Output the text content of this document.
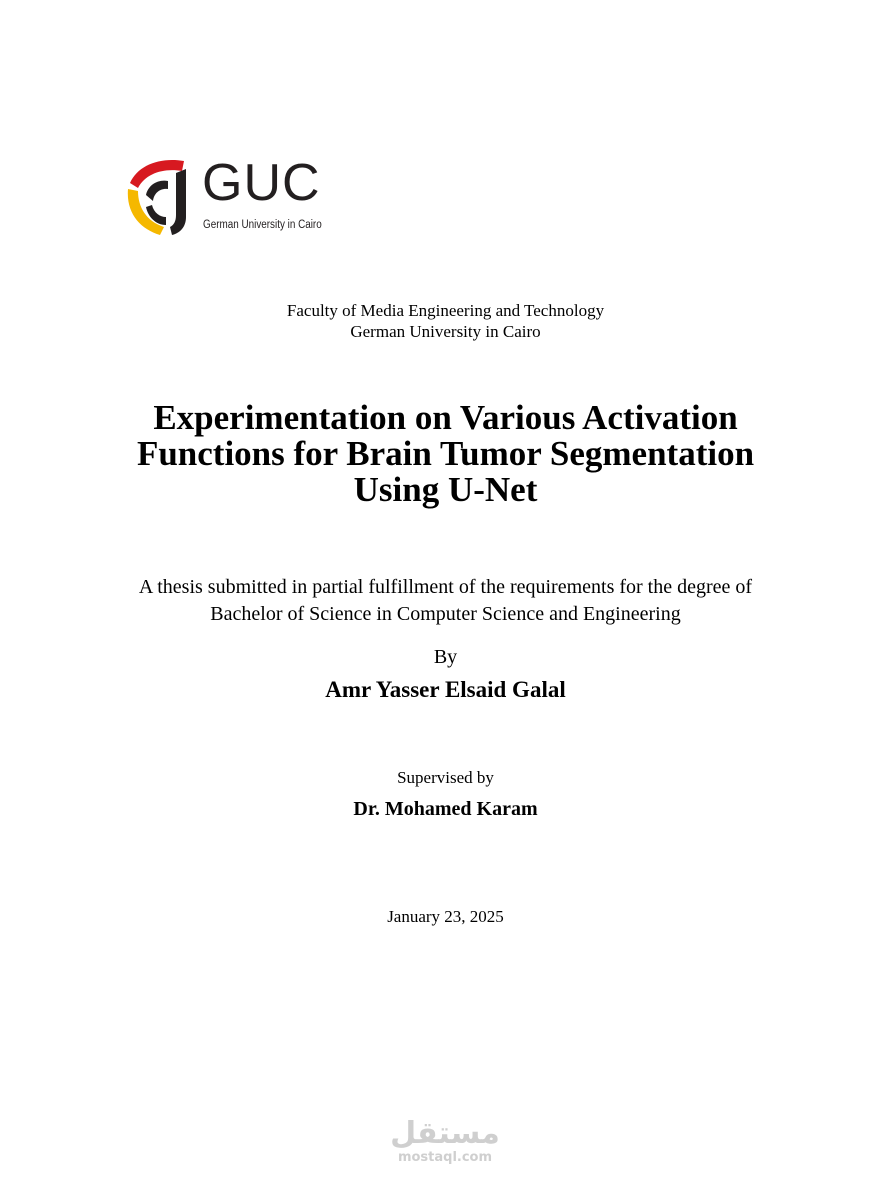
GUC
German University in Cairo
Faculty of Media Engineering and Technology
German University in Cairo
Experimentation on Various Activation
Functions for Brain Tumor Segmentation
Using U-Net
A thesis submitted in partial fulfillment of the requirements for the degree of
Bachelor of Science in Computer Science and Engineering
By
Amr Yasser Elsaid Galal
Supervised by
Dr. Mohamed Karam
January 23, 2025
مستقل
mostaql.com
